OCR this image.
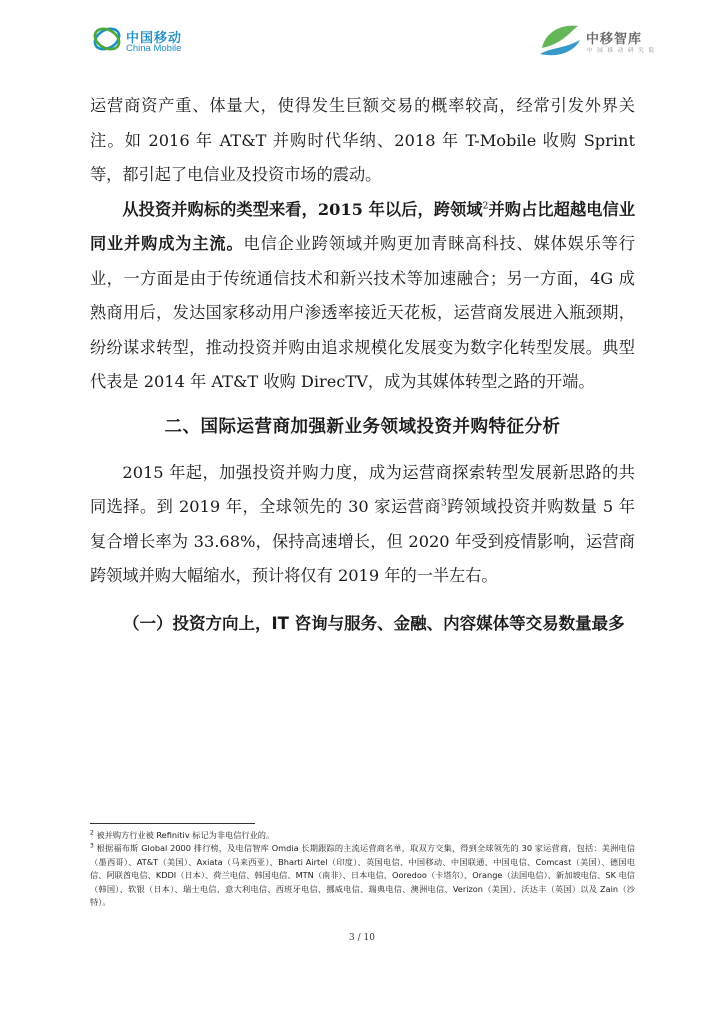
中国移动
China Mobile
中移智库
中 国 移 动 研 究 院

运营商资产重、体量大，使得发生巨额交易的概率较高，经常引发外界关注。如 2016 年 AT&T 并购时代华纳、2018 年 T-Mobile 收购 Sprint 等，都引起了电信业及投资市场的震动。

从投资并购标的类型来看，2015 年以后，跨领域$^2$并购占比超越电信业同业并购成为主流。电信企业跨领域并购更加青睐高科技、媒体娱乐等行业，一方面是由于传统通信技术和新兴技术等加速融合；另一方面，4G 成熟商用后，发达国家移动用户渗透率接近天花板，运营商发展进入瓶颈期，纷纷谋求转型，推动投资并购由追求规模化发展变为数字化转型发展。典型代表是 2014 年 AT&T 收购 DirecTV，成为其媒体转型之路的开端。

二、国际运营商加强新业务领域投资并购特征分析

2015 年起，加强投资并购力度，成为运营商探索转型发展新思路的共同选择。到 2019 年，全球领先的 30 家运营商$^3$跨领域投资并购数量 5 年复合增长率为 33.68%，保持高速增长，但 2020 年受到疫情影响，运营商跨领域并购大幅缩水，预计将仅有 2019 年的一半左右。

（一）投资方向上，IT 咨询与服务、金融、内容媒体等交易数量最多

$^2$ 被并购方行业被 Refinitiv 标记为非电信行业的。

$^3$ 根据福布斯 Global 2000 排行榜，及电信智库 Omdia 长期跟踪的主流运营商名单，取双方交集，得到全球领先的 30 家运营商，包括：美洲电信（墨西哥）、AT&T（美国）、Axiata（马来西亚）、Bharti Airtel（印度）、英国电信、中国移动、中国联通、中国电信、Comcast（美国）、德国电信、阿联酋电信、KDDI（日本）、荷兰电信、韩国电信、MTN（南非）、日本电信、Ooredoo（卡塔尔）、Orange（法国电信）、新加坡电信、SK 电信（韩国）、软银（日本）、瑞士电信、意大利电信、西班牙电信、挪威电信、瑞典电信、澳洲电信、Verizon（美国）、沃达丰（英国）以及 Zain（沙特）。

3 / 10
